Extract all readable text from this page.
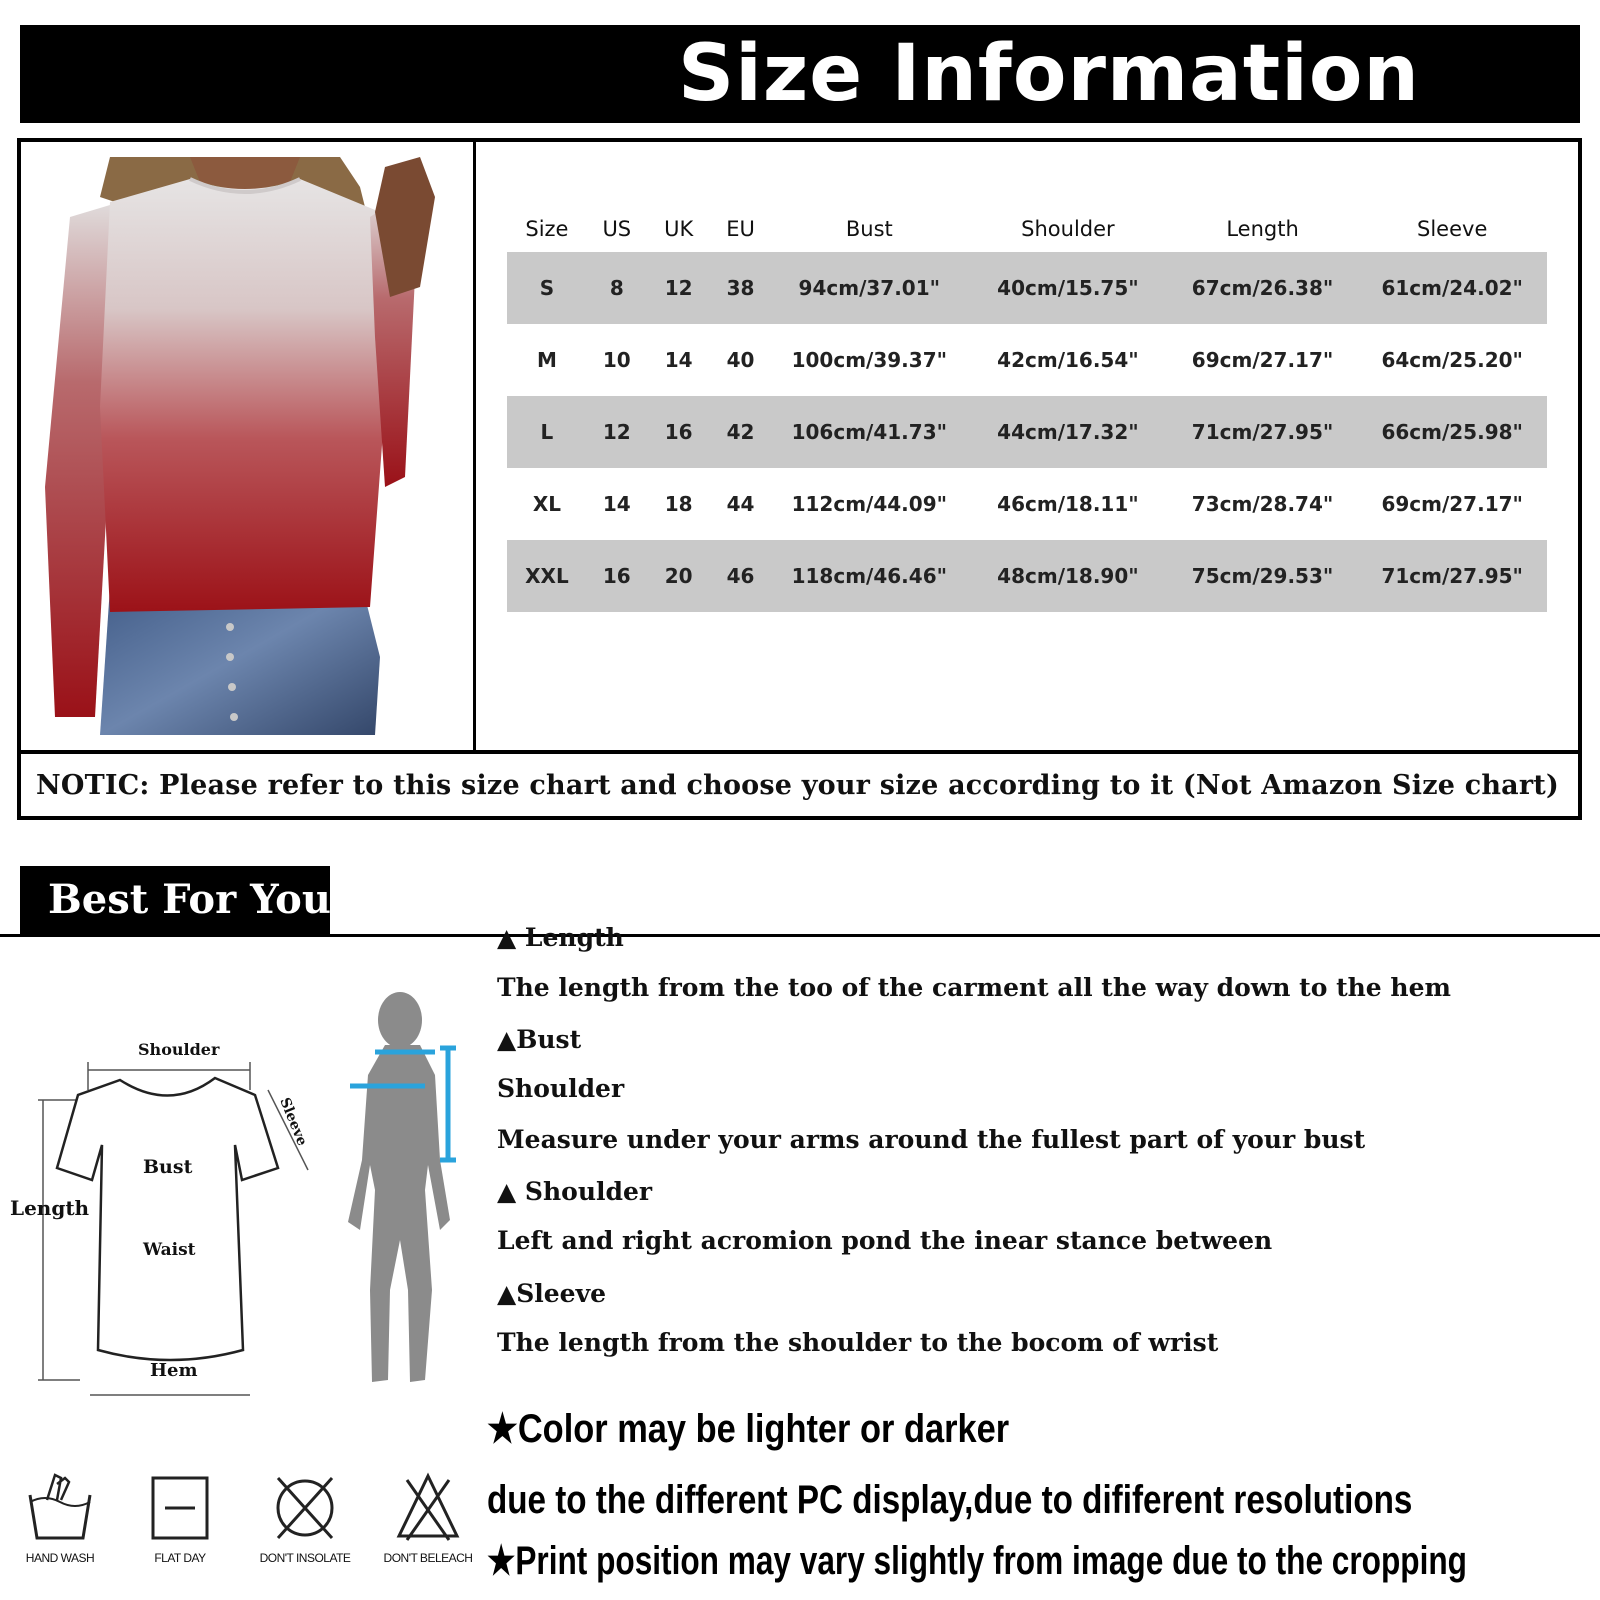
Size Information
Size	US	UK	EU	Bust	Shoulder	Length	Sleeve
S	8	12	38	94cm/37.01"	40cm/15.75"	67cm/26.38"	61cm/24.02"
M	10	14	40	100cm/39.37"	42cm/16.54"	69cm/27.17"	64cm/25.20"
L	12	16	42	106cm/41.73"	44cm/17.32"	71cm/27.95"	66cm/25.98"
XL	14	18	44	112cm/44.09"	46cm/18.11"	73cm/28.74"	69cm/27.17"
XXL	16	20	46	118cm/46.46"	48cm/18.90"	75cm/29.53"	71cm/27.95"
NOTIC: Please refer to this size chart and choose your size according to it (Not Amazon Size chart)
Best For You
Shoulder
Sleeve
Bust
Length
Waist
Hem
▲ Length
The length from the too of the carment all the way down to the hem
▲Bust
Shoulder
Measure under your arms around the fullest part of your bust
▲ Shoulder
Left and right acromion pond the inear stance between
▲Sleeve
The length from the shoulder to the bocom of wrist
★Color may be lighter or darker
due to the different PC display,due to dififerent resolutions
★Print position may vary slightly from image due to the cropping
HAND WASH	FLAT DAY	DON'T INSOLATE	DON'T BELEACH
